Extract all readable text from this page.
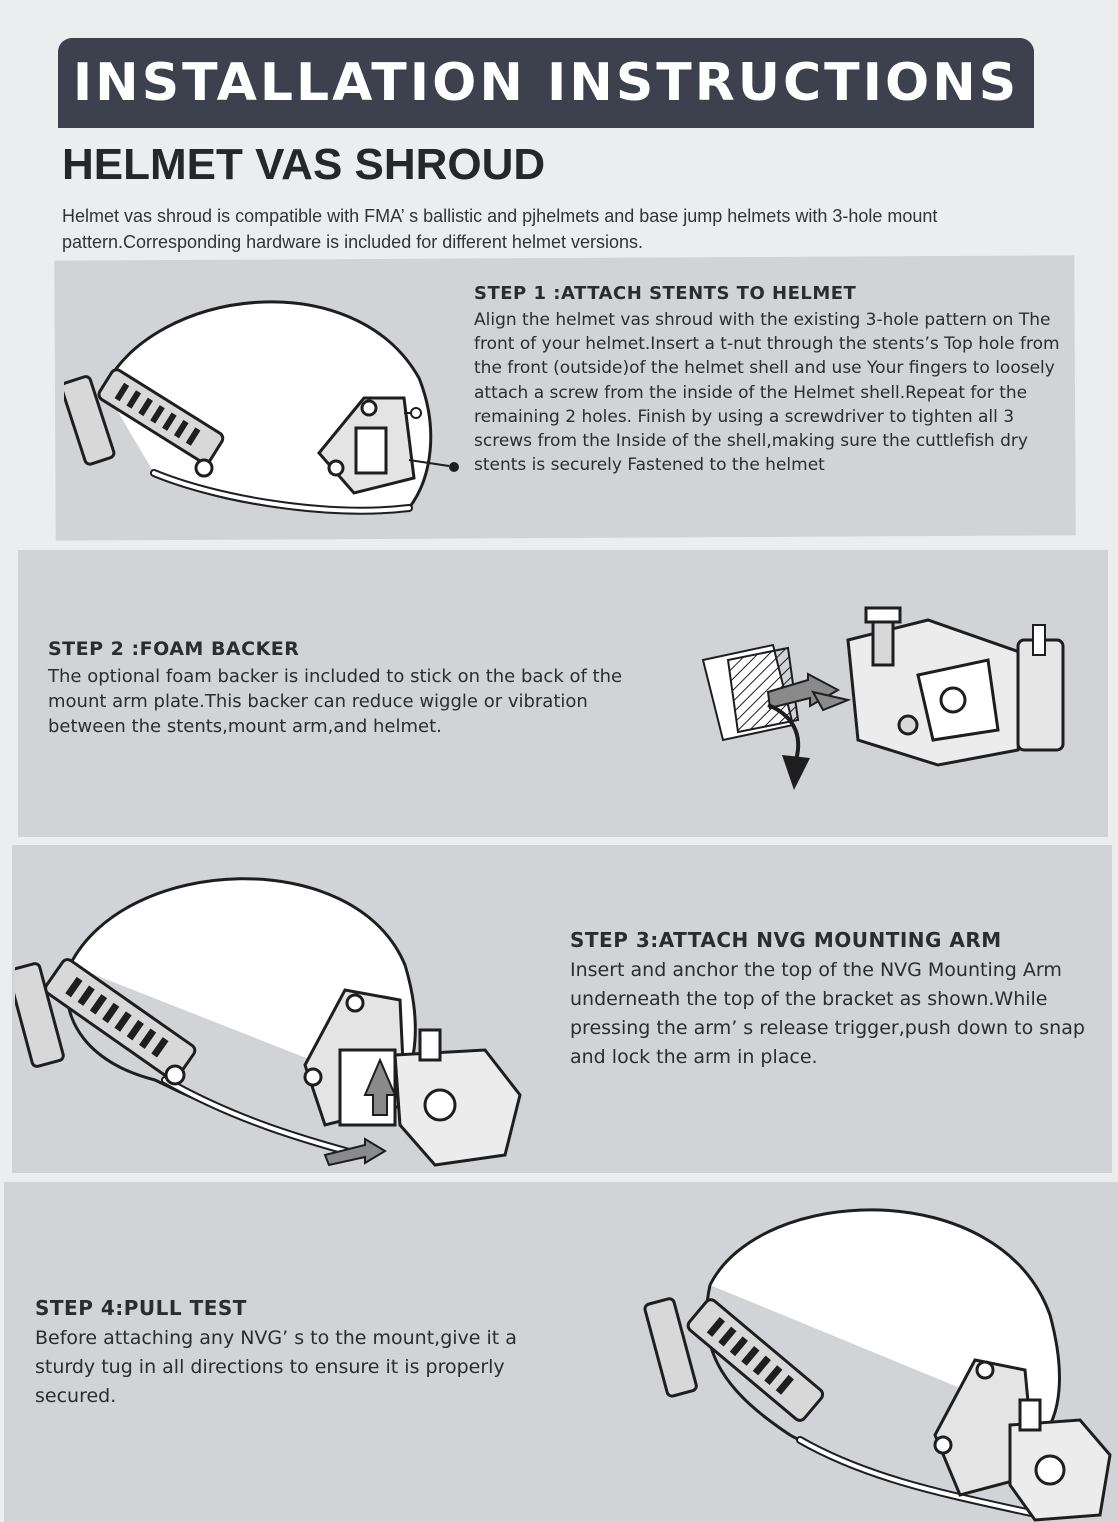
INSTALLATION INSTRUCTIONS
HELMET VAS SHROUD

Helmet vas shroud is compatible with FMA’ s ballistic and pjhelmets and base jump helmets with 3-hole mount pattern.Corresponding hardware is included for different helmet versions.

STEP 1 :ATTACH STENTS TO HELMET

Align the helmet vas shroud with the existing 3-hole pattern on The front of your helmet.Insert a t-nut through the stents’s Top hole from the front (outside)of the helmet shell and use Your fingers to loosely attach a screw from the inside of the Helmet shell.Repeat for the remaining 2 holes. Finish by using a screwdriver to tighten all 3 screws from the Inside of the shell,making sure the cuttlefish dry stents is securely Fastened to the helmet

STEP 2 :FOAM BACKER

The optional foam backer is included to stick on the back of the mount arm plate.This backer can reduce wiggle or vibration between the stents,mount arm,and helmet.

STEP 3:ATTACH NVG MOUNTING ARM

Insert and anchor the top of the NVG Mounting Arm underneath the top of the bracket as shown.While pressing the arm’ s release trigger,push down to snap and lock the arm in place.

STEP 4:PULL TEST

Before attaching any NVG’ s to the mount,give it a sturdy tug in all directions to ensure it is properly secured.
